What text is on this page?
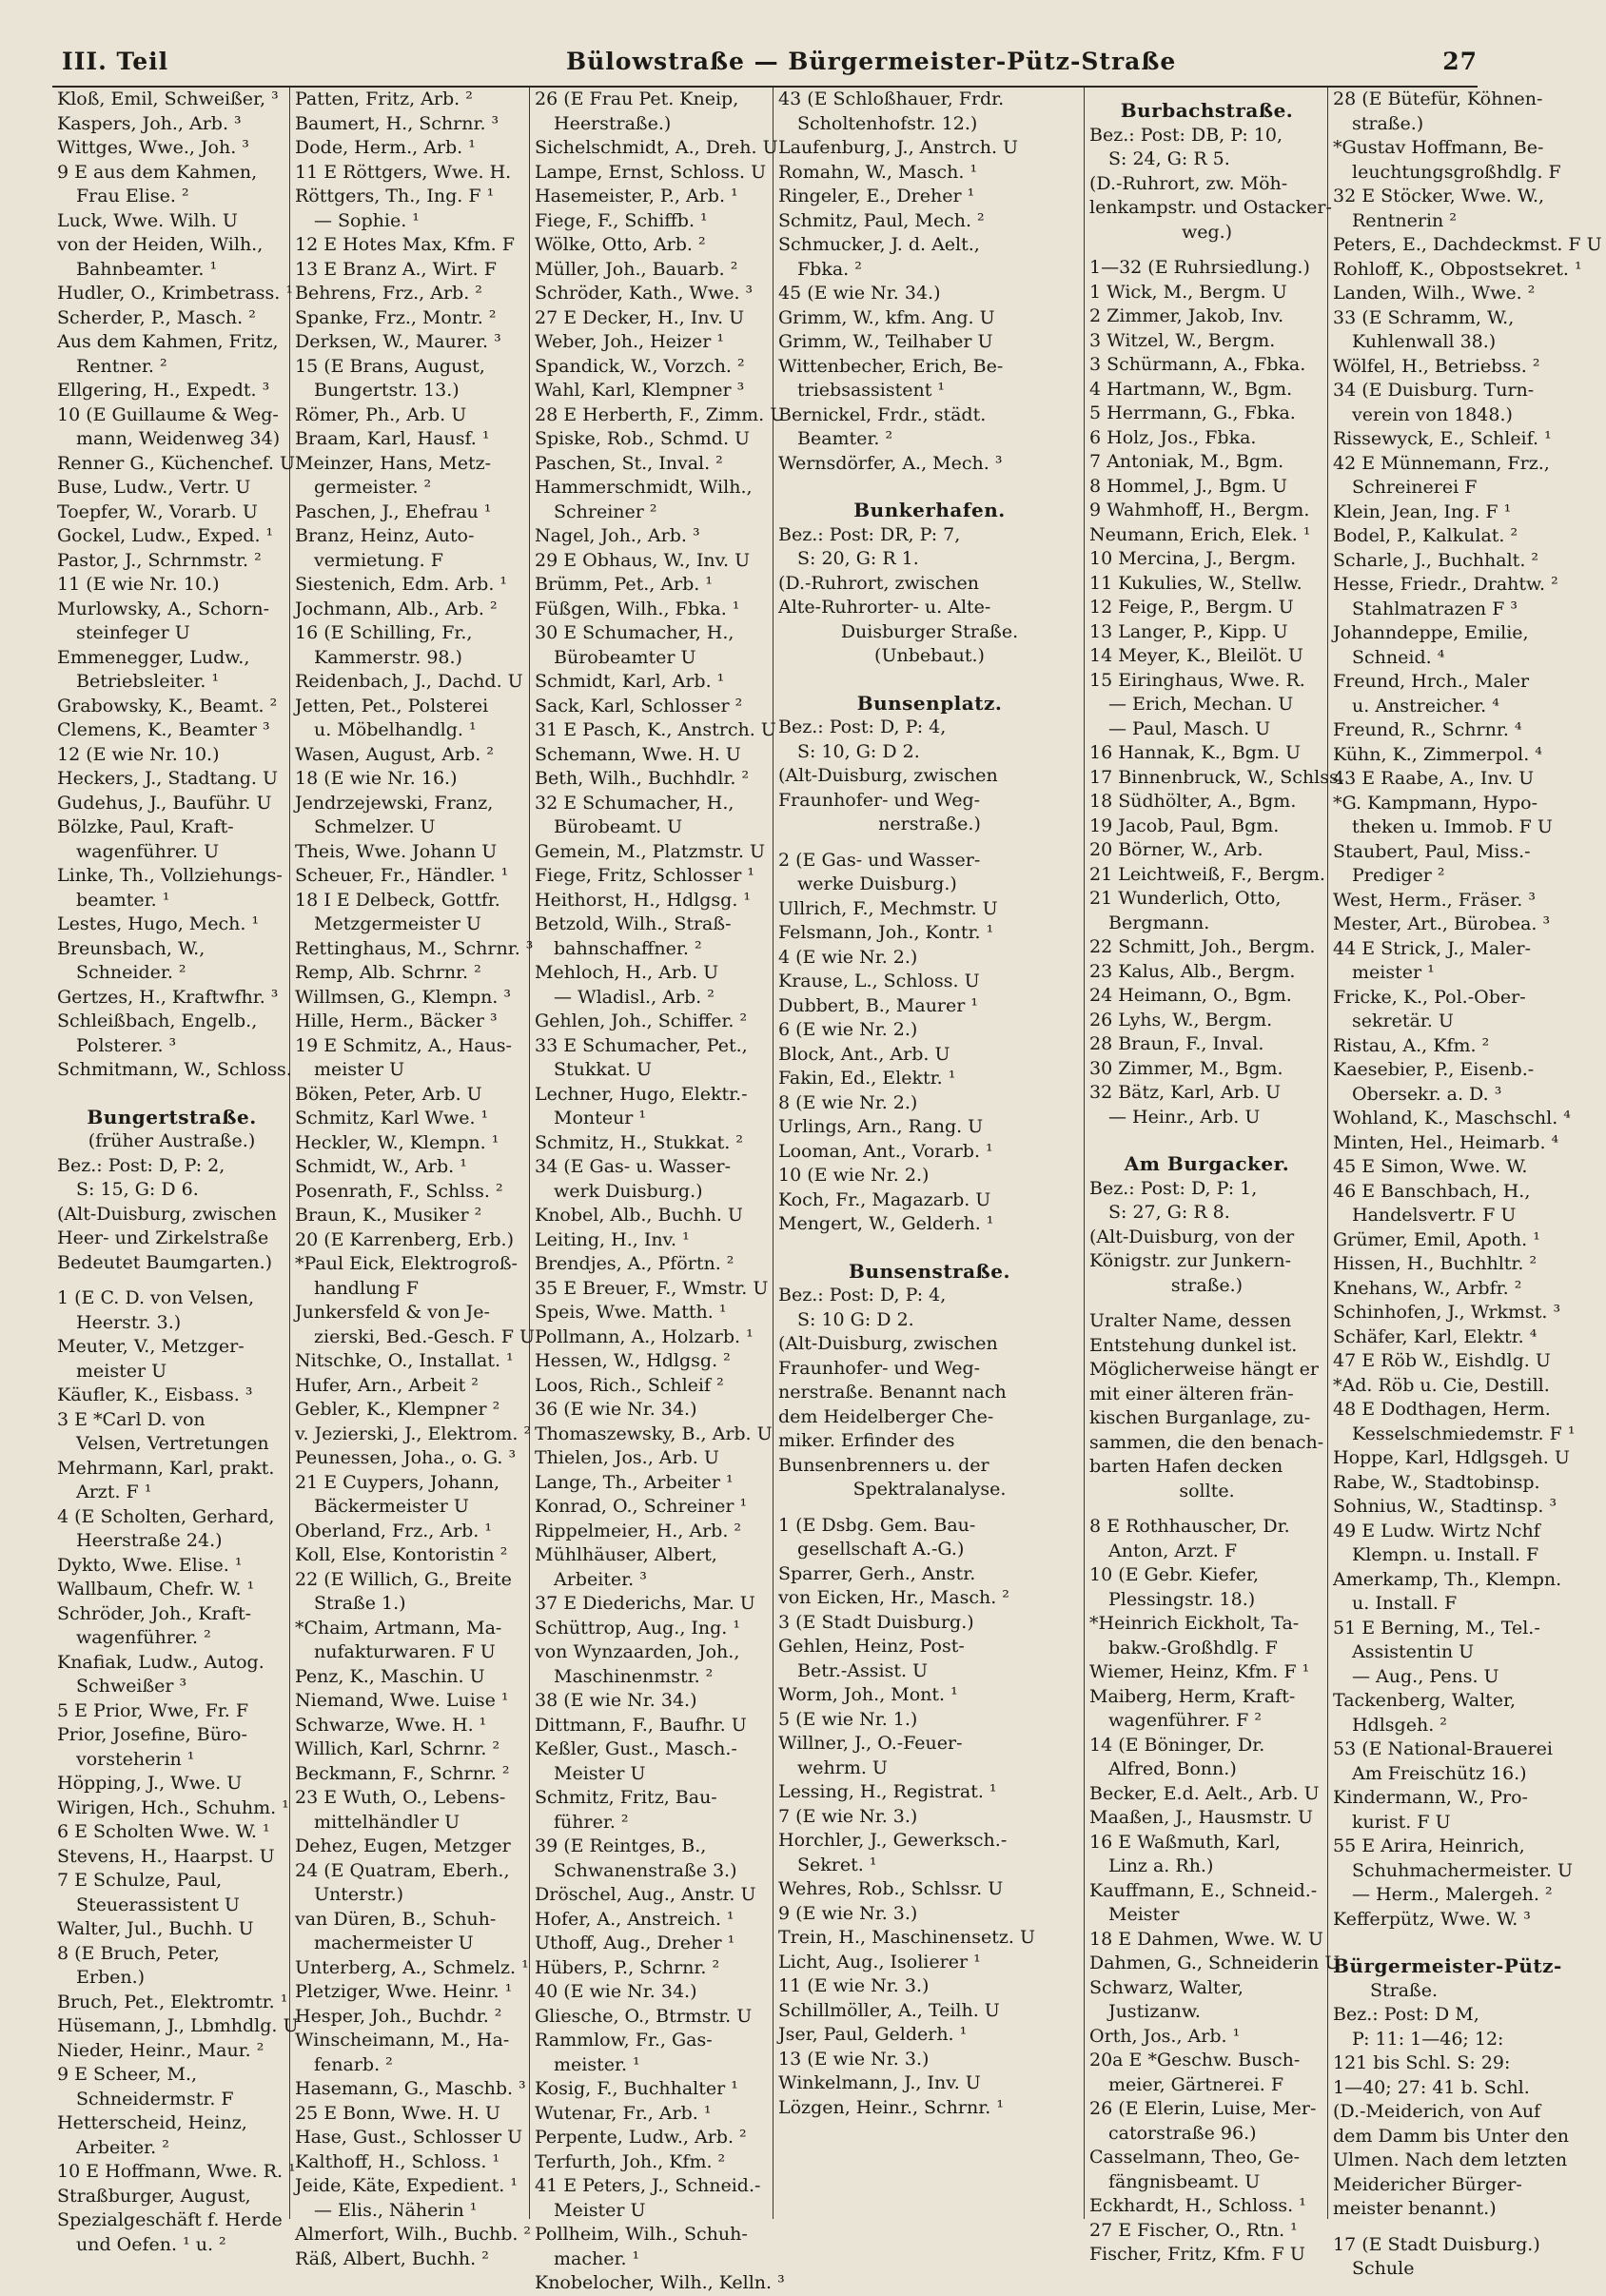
III. Teil	Bülowstraße — Bürgermeister-Pütz-Straße	27
Kloß, Emil, Schweißer, ³
Kaspers, Joh., Arb. ³
Wittges, Wwe., Joh. ³
9 E aus dem Kahmen,
Frau Elise. ²
Luck, Wwe. Wilh. U
von der Heiden, Wilh.,
Bahnbeamter. ¹
Hudler, O., Krimbetrass. ¹
Scherder, P., Masch. ²
Aus dem Kahmen, Fritz,
Rentner. ²
Ellgering, H., Expedt. ³
10 (E Guillaume & Weg-
mann, Weidenweg 34)
Renner G., Küchenchef. U
Buse, Ludw., Vertr. U
Toepfer, W., Vorarb. U
Gockel, Ludw., Exped. ¹
Pastor, J., Schrnmstr. ²
11 (E wie Nr. 10.)
Murlowsky, A., Schorn-
steinfeger U
Emmenegger, Ludw.,
Betriebsleiter. ¹
Grabowsky, K., Beamt. ²
Clemens, K., Beamter ³
12 (E wie Nr. 10.)
Heckers, J., Stadtang. U
Gudehus, J., Bauführ. U
Bölzke, Paul, Kraft-
wagenführer. U
Linke, Th., Vollziehungs-
beamter. ¹
Lestes, Hugo, Mech. ¹
Breunsbach, W.,
Schneider. ²
Gertzes, H., Kraftwfhr. ³
Schleißbach, Engelb.,
Polsterer. ³
Schmitmann, W., Schloss.
Bungertstraße.
(früher Austraße.)
Bez.: Post: D, P: 2,
S: 15, G: D 6.
(Alt-Duisburg, zwischen
Heer- und Zirkelstraße
Bedeutet Baumgarten.)
1 (E C. D. von Velsen,
Heerstr. 3.)
Meuter, V., Metzger-
meister U
Käufler, K., Eisbass. ³
3 E *Carl D. von
Velsen, Vertretungen
Mehrmann, Karl, prakt.
Arzt. F ¹
4 (E Scholten, Gerhard,
Heerstraße 24.)
Dykto, Wwe. Elise. ¹
Wallbaum, Chefr. W. ¹
Schröder, Joh., Kraft-
wagenführer. ²
Knafiak, Ludw., Autog.
Schweißer ³
5 E Prior, Wwe, Fr. F
Prior, Josefine, Büro-
vorsteherin ¹
Höpping, J., Wwe. U
Wirigen, Hch., Schuhm. ¹
6 E Scholten Wwe. W. ¹
Stevens, H., Haarpst. U
7 E Schulze, Paul,
Steuerassistent U
Walter, Jul., Buchh. U
8 (E Bruch, Peter,
Erben.)
Bruch, Pet., Elektromtr. ¹
Hüsemann, J., Lbmhdlg. U
Nieder, Heinr., Maur. ²
9 E Scheer, M.,
Schneidermstr. F
Hetterscheid, Heinz,
Arbeiter. ²
10 E Hoffmann, Wwe. R. ¹
Straßburger, August,
Spezialgeschäft f. Herde
und Oefen. ¹ u. ²
Patten, Fritz, Arb. ²
Baumert, H., Schrnr. ³
Dode, Herm., Arb. ¹
11 E Röttgers, Wwe. H.
Röttgers, Th., Ing. F ¹
— Sophie. ¹
12 E Hotes Max, Kfm. F
13 E Branz A., Wirt. F
Behrens, Frz., Arb. ²
Spanke, Frz., Montr. ²
Derksen, W., Maurer. ³
15 (E Brans, August,
Bungertstr. 13.)
Römer, Ph., Arb. U
Braam, Karl, Hausf. ¹
Meinzer, Hans, Metz-
germeister. ²
Paschen, J., Ehefrau ¹
Branz, Heinz, Auto-
vermietung. F
Siestenich, Edm. Arb. ¹
Jochmann, Alb., Arb. ²
16 (E Schilling, Fr.,
Kammerstr. 98.)
Reidenbach, J., Dachd. U
Jetten, Pet., Polsterei
u. Möbelhandlg. ¹
Wasen, August, Arb. ²
18 (E wie Nr. 16.)
Jendrzejewski, Franz,
Schmelzer. U
Theis, Wwe. Johann U
Scheuer, Fr., Händler. ¹
18 I E Delbeck, Gottfr.
Metzgermeister U
Rettinghaus, M., Schrnr. ³
Remp, Alb. Schrnr. ²
Willmsen, G., Klempn. ³
Hille, Herm., Bäcker ³
19 E Schmitz, A., Haus-
meister U
Böken, Peter, Arb. U
Schmitz, Karl Wwe. ¹
Heckler, W., Klempn. ¹
Schmidt, W., Arb. ¹
Posenrath, F., Schlss. ²
Braun, K., Musiker ²
20 (E Karrenberg, Erb.)
*Paul Eick, Elektrogroß-
handlung F
Junkersfeld & von Je-
zierski, Bed.-Gesch. F U
Nitschke, O., Installat. ¹
Hufer, Arn., Arbeit ²
Gebler, K., Klempner ²
v. Jezierski, J., Elektrom. ²
Peunessen, Joha., o. G. ³
21 E Cuypers, Johann,
Bäckermeister U
Oberland, Frz., Arb. ¹
Koll, Else, Kontoristin ²
22 (E Willich, G., Breite
Straße 1.)
*Chaim, Artmann, Ma-
nufakturwaren. F U
Penz, K., Maschin. U
Niemand, Wwe. Luise ¹
Schwarze, Wwe. H. ¹
Willich, Karl, Schrnr. ²
Beckmann, F., Schrnr. ²
23 E Wuth, O., Lebens-
mittelhändler U
Dehez, Eugen, Metzger
24 (E Quatram, Eberh.,
Unterstr.)
van Düren, B., Schuh-
machermeister U
Unterberg, A., Schmelz. ¹
Pletziger, Wwe. Heinr. ¹
Hesper, Joh., Buchdr. ²
Winscheimann, M., Ha-
fenarb. ²
Hasemann, G., Maschb. ³
25 E Bonn, Wwe. H. U
Hase, Gust., Schlosser U
Kalthoff, H., Schloss. ¹
Jeide, Käte, Expedient. ¹
— Elis., Näherin ¹
Almerfort, Wilh., Buchb. ²
Räß, Albert, Buchh. ²
26 (E Frau Pet. Kneip,
Heerstraße.)
Sichelschmidt, A., Dreh. U
Lampe, Ernst, Schloss. U
Hasemeister, P., Arb. ¹
Fiege, F., Schiffb. ¹
Wölke, Otto, Arb. ²
Müller, Joh., Bauarb. ²
Schröder, Kath., Wwe. ³
27 E Decker, H., Inv. U
Weber, Joh., Heizer ¹
Spandick, W., Vorzch. ²
Wahl, Karl, Klempner ³
28 E Herberth, F., Zimm. U
Spiske, Rob., Schmd. U
Paschen, St., Inval. ²
Hammerschmidt, Wilh.,
Schreiner ²
Nagel, Joh., Arb. ³
29 E Obhaus, W., Inv. U
Brümm, Pet., Arb. ¹
Füßgen, Wilh., Fbka. ¹
30 E Schumacher, H.,
Bürobeamter U
Schmidt, Karl, Arb. ¹
Sack, Karl, Schlosser ²
31 E Pasch, K., Anstrch. U
Schemann, Wwe. H. U
Beth, Wilh., Buchhdlr. ²
32 E Schumacher, H.,
Bürobeamt. U
Gemein, M., Platzmstr. U
Fiege, Fritz, Schlosser ¹
Heithorst, H., Hdlgsg. ¹
Betzold, Wilh., Straß-
bahnschaffner. ²
Mehloch, H., Arb. U
— Wladisl., Arb. ²
Gehlen, Joh., Schiffer. ²
33 E Schumacher, Pet.,
Stukkat. U
Lechner, Hugo, Elektr.-
Monteur ¹
Schmitz, H., Stukkat. ²
34 (E Gas- u. Wasser-
werk Duisburg.)
Knobel, Alb., Buchh. U
Leiting, H., Inv. ¹
Brendjes, A., Pförtn. ²
35 E Breuer, F., Wmstr. U
Speis, Wwe. Matth. ¹
Pollmann, A., Holzarb. ¹
Hessen, W., Hdlgsg. ²
Loos, Rich., Schleif ²
36 (E wie Nr. 34.)
Thomaszewsky, B., Arb. U
Thielen, Jos., Arb. U
Lange, Th., Arbeiter ¹
Konrad, O., Schreiner ¹
Rippelmeier, H., Arb. ²
Mühlhäuser, Albert,
Arbeiter. ³
37 E Diederichs, Mar. U
Schüttrop, Aug., Ing. ¹
von Wynzaarden, Joh.,
Maschinenmstr. ²
38 (E wie Nr. 34.)
Dittmann, F., Baufhr. U
Keßler, Gust., Masch.-
Meister U
Schmitz, Fritz, Bau-
führer. ²
39 (E Reintges, B.,
Schwanenstraße 3.)
Dröschel, Aug., Anstr. U
Hofer, A., Anstreich. ¹
Uthoff, Aug., Dreher ¹
Hübers, P., Schrnr. ²
40 (E wie Nr. 34.)
Gliesche, O., Btrmstr. U
Rammlow, Fr., Gas-
meister. ¹
Kosig, F., Buchhalter ¹
Wutenar, Fr., Arb. ¹
Perpente, Ludw., Arb. ²
Terfurth, Joh., Kfm. ²
41 E Peters, J., Schneid.-
Meister U
Pollheim, Wilh., Schuh-
macher. ¹
Knobelocher, Wilh., Kelln. ³
43 (E Schloßhauer, Frdr.
Scholtenhofstr. 12.)
Laufenburg, J., Anstrch. U
Romahn, W., Masch. ¹
Ringeler, E., Dreher ¹
Schmitz, Paul, Mech. ²
Schmucker, J. d. Aelt.,
Fbka. ²
45 (E wie Nr. 34.)
Grimm, W., kfm. Ang. U
Grimm, W., Teilhaber U
Wittenbecher, Erich, Be-
triebsassistent ¹
Bernickel, Frdr., städt.
Beamter. ²
Wernsdörfer, A., Mech. ³
Bunkerhafen.
Bez.: Post: DR, P: 7,
S: 20, G: R 1.
(D.-Ruhrort, zwischen
Alte-Ruhrorter- u. Alte-
Duisburger Straße.
(Unbebaut.)
Bunsenplatz.
Bez.: Post: D, P: 4,
S: 10, G: D 2.
(Alt-Duisburg, zwischen
Fraunhofer- und Weg-
nerstraße.)
2 (E Gas- und Wasser-
werke Duisburg.)
Ullrich, F., Mechmstr. U
Felsmann, Joh., Kontr. ¹
4 (E wie Nr. 2.)
Krause, L., Schloss. U
Dubbert, B., Maurer ¹
6 (E wie Nr. 2.)
Block, Ant., Arb. U
Fakin, Ed., Elektr. ¹
8 (E wie Nr. 2.)
Urlings, Arn., Rang. U
Looman, Ant., Vorarb. ¹
10 (E wie Nr. 2.)
Koch, Fr., Magazarb. U
Mengert, W., Gelderh. ¹
Bunsenstraße.
Bez.: Post: D, P: 4,
S: 10 G: D 2.
(Alt-Duisburg, zwischen
Fraunhofer- und Weg-
nerstraße. Benannt nach
dem Heidelberger Che-
miker. Erfinder des
Bunsenbrenners u. der
Spektralanalyse.
1 (E Dsbg. Gem. Bau-
gesellschaft A.-G.)
Sparrer, Gerh., Anstr.
von Eicken, Hr., Masch. ²
3 (E Stadt Duisburg.)
Gehlen, Heinz, Post-
Betr.-Assist. U
Worm, Joh., Mont. ¹
5 (E wie Nr. 1.)
Willner, J., O.-Feuer-
wehrm. U
Lessing, H., Registrat. ¹
7 (E wie Nr. 3.)
Horchler, J., Gewerksch.-
Sekret. ¹
Wehres, Rob., Schlssr. U
9 (E wie Nr. 3.)
Trein, H., Maschinensetz. U
Licht, Aug., Isolierer ¹
11 (E wie Nr. 3.)
Schillmöller, A., Teilh. U
Jser, Paul, Gelderh. ¹
13 (E wie Nr. 3.)
Winkelmann, J., Inv. U
Lözgen, Heinr., Schrnr. ¹
Burbachstraße.
Bez.: Post: DB, P: 10,
S: 24, G: R 5.
(D.-Ruhrort, zw. Möh-
lenkampstr. und Ostacker-
weg.)
1—32 (E Ruhrsiedlung.)
1 Wick, M., Bergm. U
2 Zimmer, Jakob, Inv.
3 Witzel, W., Bergm.
3 Schürmann, A., Fbka.
4 Hartmann, W., Bgm.
5 Herrmann, G., Fbka.
6 Holz, Jos., Fbka.
7 Antoniak, M., Bgm.
8 Hommel, J., Bgm. U
9 Wahmhoff, H., Bergm.
Neumann, Erich, Elek. ¹
10 Mercina, J., Bergm.
11 Kukulies, W., Stellw.
12 Feige, P., Bergm. U
13 Langer, P., Kipp. U
14 Meyer, K., Bleilöt. U
15 Eiringhaus, Wwe. R.
— Erich, Mechan. U
— Paul, Masch. U
16 Hannak, K., Bgm. U
17 Binnenbruck, W., Schlss.
18 Südhölter, A., Bgm.
19 Jacob, Paul, Bgm.
20 Börner, W., Arb.
21 Leichtweiß, F., Bergm.
21 Wunderlich, Otto,
Bergmann.
22 Schmitt, Joh., Bergm.
23 Kalus, Alb., Bergm.
24 Heimann, O., Bgm.
26 Lyhs, W., Bergm.
28 Braun, F., Inval.
30 Zimmer, M., Bgm.
32 Bätz, Karl, Arb. U
— Heinr., Arb. U
Am Burgacker.
Bez.: Post: D, P: 1,
S: 27, G: R 8.
(Alt-Duisburg, von der
Königstr. zur Junkern-
straße.)
Uralter Name, dessen
Entstehung dunkel ist.
Möglicherweise hängt er
mit einer älteren frän-
kischen Burganlage, zu-
sammen, die den benach-
barten Hafen decken
sollte.
8 E Rothhauscher, Dr.
Anton, Arzt. F
10 (E Gebr. Kiefer,
Plessingstr. 18.)
*Heinrich Eickholt, Ta-
bakw.-Großhdlg. F
Wiemer, Heinz, Kfm. F ¹
Maiberg, Herm, Kraft-
wagenführer. F ²
14 (E Böninger, Dr.
Alfred, Bonn.)
Becker, E.d. Aelt., Arb. U
Maaßen, J., Hausmstr. U
16 E Waßmuth, Karl,
Linz a. Rh.)
Kauffmann, E., Schneid.-
Meister
18 E Dahmen, Wwe. W. U
Dahmen, G., Schneiderin U
Schwarz, Walter,
Justizanw.
Orth, Jos., Arb. ¹
20a E *Geschw. Busch-
meier, Gärtnerei. F
26 (E Elerin, Luise, Mer-
catorstraße 96.)
Casselmann, Theo, Ge-
fängnisbeamt. U
Eckhardt, H., Schloss. ¹
27 E Fischer, O., Rtn. ¹
Fischer, Fritz, Kfm. F U
28 (E Bütefür, Köhnen-
straße.)
*Gustav Hoffmann, Be-
leuchtungsgroßhdlg. F
32 E Stöcker, Wwe. W.,
Rentnerin ²
Peters, E., Dachdeckmst. F U
Rohloff, K., Obpostsekret. ¹
Landen, Wilh., Wwe. ²
33 (E Schramm, W.,
Kuhlenwall 38.)
Wölfel, H., Betriebss. ²
34 (E Duisburg. Turn-
verein von 1848.)
Rissewyck, E., Schleif. ¹
42 E Münnemann, Frz.,
Schreinerei F
Klein, Jean, Ing. F ¹
Bodel, P., Kalkulat. ²
Scharle, J., Buchhalt. ²
Hesse, Friedr., Drahtw. ²
Stahlmatrazen F ³
Johanndeppe, Emilie,
Schneid. ⁴
Freund, Hrch., Maler
u. Anstreicher. ⁴
Freund, R., Schrnr. ⁴
Kühn, K., Zimmerpol. ⁴
43 E Raabe, A., Inv. U
*G. Kampmann, Hypo-
theken u. Immob. F U
Staubert, Paul, Miss.-
Prediger ²
West, Herm., Fräser. ³
Mester, Art., Bürobea. ³
44 E Strick, J., Maler-
meister ¹
Fricke, K., Pol.-Ober-
sekretär. U
Ristau, A., Kfm. ²
Kaesebier, P., Eisenb.-
Obersekr. a. D. ³
Wohland, K., Maschschl. ⁴
Minten, Hel., Heimarb. ⁴
45 E Simon, Wwe. W.
46 E Banschbach, H.,
Handelsvertr. F U
Grümer, Emil, Apoth. ¹
Hissen, H., Buchhltr. ²
Knehans, W., Arbfr. ²
Schinhofen, J., Wrkmst. ³
Schäfer, Karl, Elektr. ⁴
47 E Röb W., Eishdlg. U
*Ad. Röb u. Cie, Destill.
48 E Dodthagen, Herm.
Kesselschmiedemstr. F ¹
Hoppe, Karl, Hdlgsgeh. U
Rabe, W., Stadtobinsp.
Sohnius, W., Stadtinsp. ³
49 E Ludw. Wirtz Nchf
Klempn. u. Install. F
Amerkamp, Th., Klempn.
u. Install. F
51 E Berning, M., Tel.-
Assistentin U
— Aug., Pens. U
Tackenberg, Walter,
Hdlsgeh. ²
53 (E National-Brauerei
Am Freischütz 16.)
Kindermann, W., Pro-
kurist. F U
55 E Arira, Heinrich,
Schuhmachermeister. U
— Herm., Malergeh. ²
Kefferpütz, Wwe. W. ³
Bürgermeister-Pütz-
Straße.
Bez.: Post: D M,
P: 11: 1—46; 12:
121 bis Schl. S: 29:
1—40; 27: 41 b. Schl.
(D.-Meiderich, von Auf
dem Damm bis Unter den
Ulmen. Nach dem letzten
Meidericher Bürger-
meister benannt.)
17 (E Stadt Duisburg.)
Schule
